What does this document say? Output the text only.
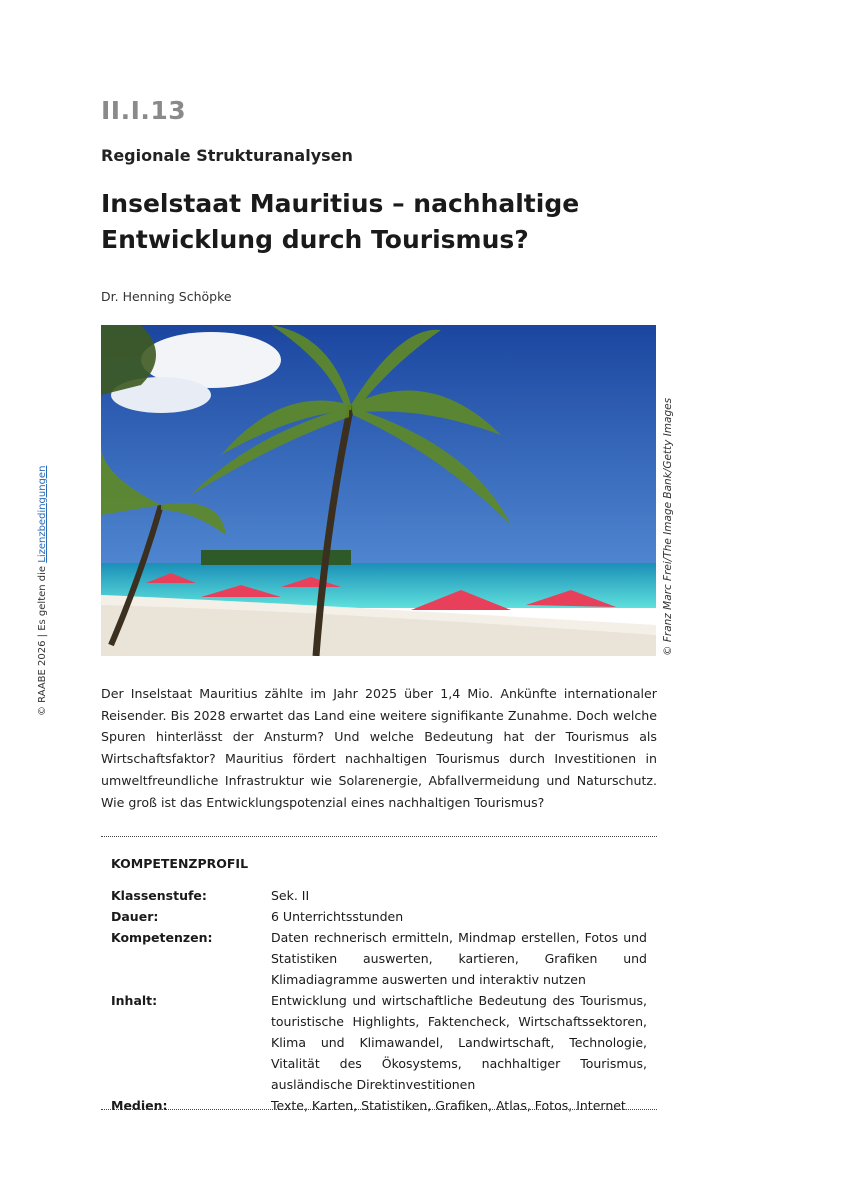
II.I.13
Regionale Strukturanalysen
Inselstaat Mauritius – nachhaltige Entwicklung durch Tourismus?
Dr. Henning Schöpke
© Franz Marc Frei/The Image Bank/Getty Images
© RAABE 2026 | Es gelten die Lizenzbedingungen
Der Inselstaat Mauritius zählte im Jahr 2025 über 1,4 Mio. Ankünfte internationaler Reisender. Bis 2028 erwartet das Land eine weitere signifikante Zunahme. Doch welche Spuren hinterlässt der Ansturm? Und welche Bedeutung hat der Tourismus als Wirtschaftsfaktor? Mauritius fördert nachhaltigen Tourismus durch Investitionen in umweltfreundliche Infrastruktur wie Solarenergie, Abfallvermeidung und Naturschutz. Wie groß ist das Entwicklungspotenzial eines nachhaltigen Tourismus?
KOMPETENZPROFIL
Klassenstufe:	Sek. II
Dauer:	6 Unterrichtsstunden
Kompetenzen:	Daten rechnerisch ermitteln, Mindmap erstellen, Fotos und Statistiken auswerten, kartieren, Grafiken und Klimadiagramme auswerten und interaktiv nutzen
Inhalt:	Entwicklung und wirtschaftliche Bedeutung des Tourismus, touristische Highlights, Faktencheck, Wirtschaftssektoren, Klima und Klimawandel, Landwirtschaft, Technologie, Vitalität des Ökosystems, nachhaltiger Tourismus, ausländische Direktinvestitionen
Medien:	Texte, Karten, Statistiken, Grafiken, Atlas, Fotos, Internet
